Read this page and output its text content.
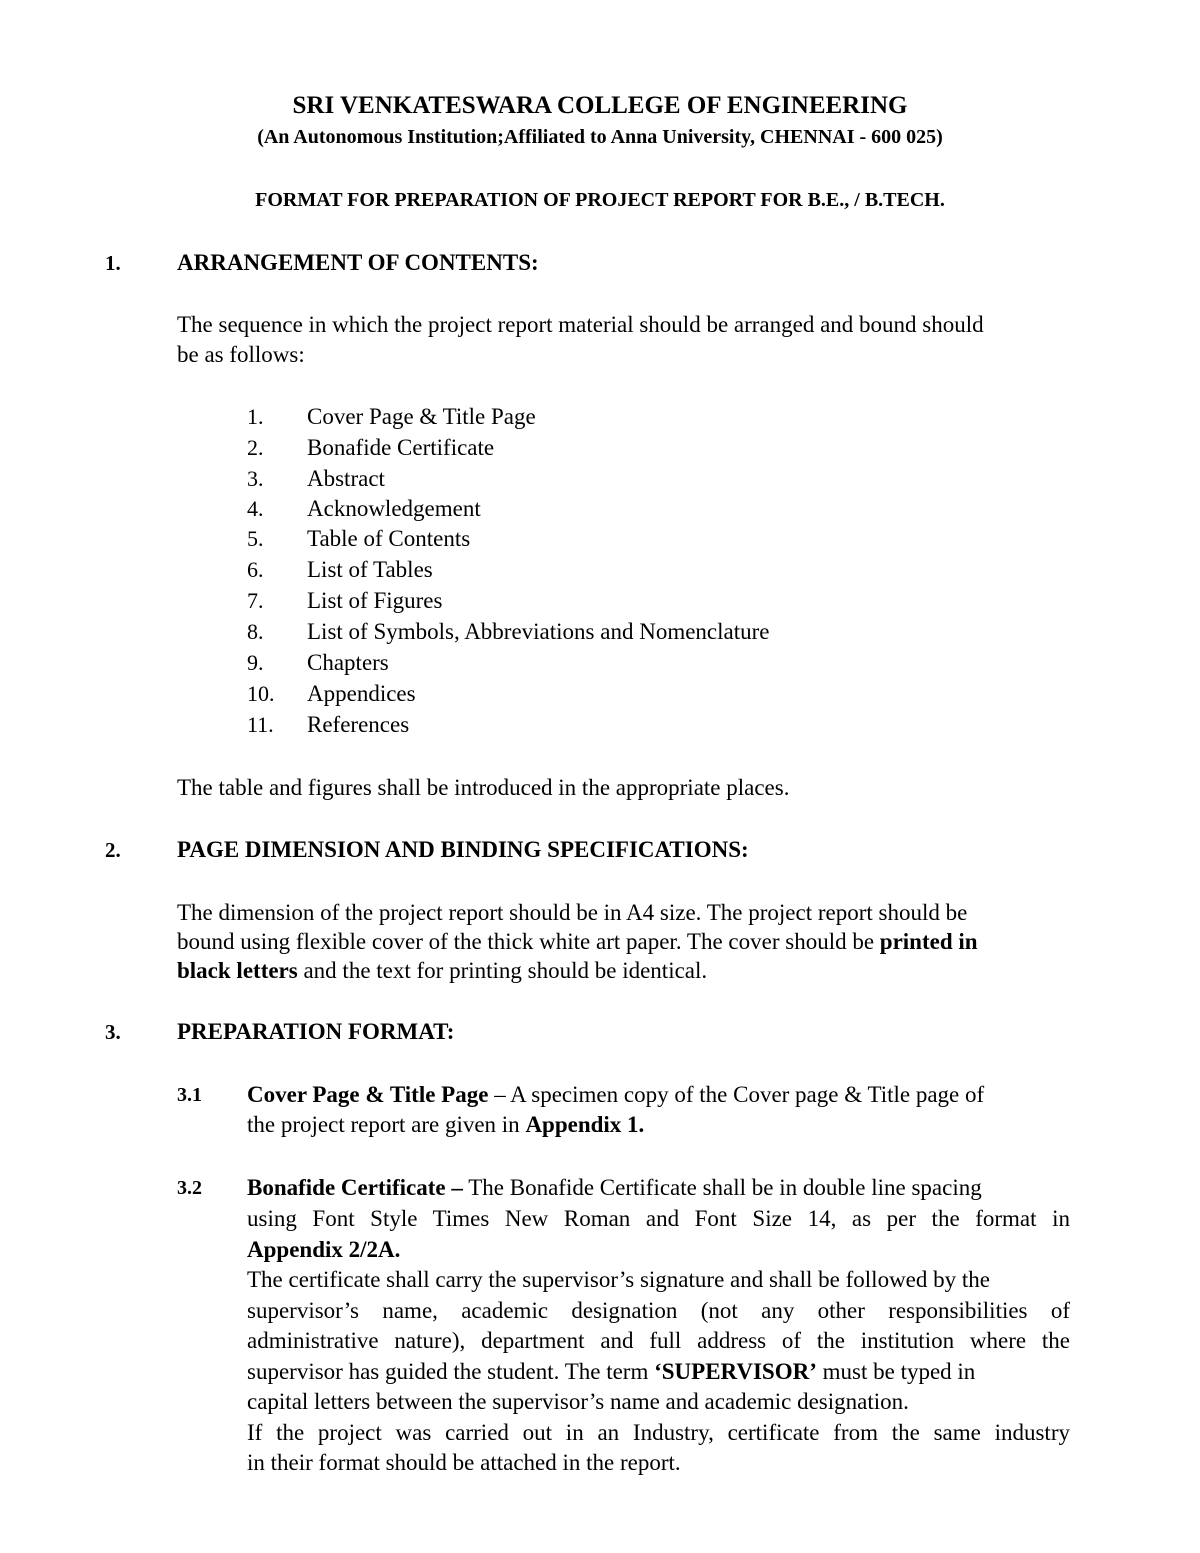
SRI VENKATESWARA COLLEGE OF ENGINEERING
(An Autonomous Institution;Affiliated to Anna University, CHENNAI - 600 025)
FORMAT FOR PREPARATION OF PROJECT REPORT FOR B.E., / B.TECH.
1. ARRANGEMENT OF CONTENTS:
The sequence in which the project report material should be arranged and bound should
be as follows:
1. Cover Page & Title Page
2. Bonafide Certificate
3. Abstract
4. Acknowledgement
5. Table of Contents
6. List of Tables
7. List of Figures
8. List of Symbols, Abbreviations and Nomenclature
9. Chapters
10. Appendices
11. References
The table and figures shall be introduced in the appropriate places.
2. PAGE DIMENSION AND BINDING SPECIFICATIONS:
The dimension of the project report should be in A4 size. The project report should be
bound using flexible cover of the thick white art paper. The cover should be printed in
black letters and the text for printing should be identical.
3. PREPARATION FORMAT:
3.1 Cover Page & Title Page – A specimen copy of the Cover page & Title page of
the project report are given in Appendix 1.
3.2 Bonafide Certificate – The Bonafide Certificate shall be in double line spacing
using Font Style Times New Roman and Font Size 14, as per the format in
Appendix 2/2A.
The certificate shall carry the supervisor’s signature and shall be followed by the
supervisor’s name, academic designation (not any other responsibilities of
administrative nature), department and full address of the institution where the
supervisor has guided the student. The term ‘SUPERVISOR’ must be typed in
capital letters between the supervisor’s name and academic designation.
If the project was carried out in an Industry, certificate from the same industry
in their format should be attached in the report.
